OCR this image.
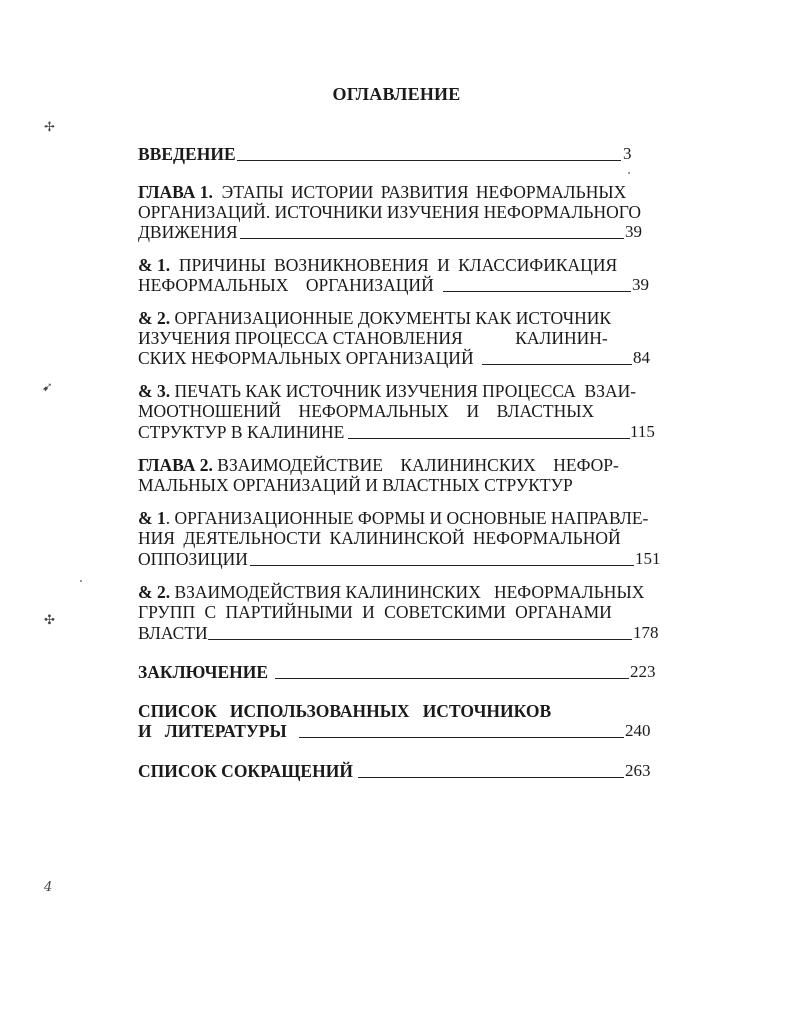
ОГЛАВЛЕНИЕ
✢
➹
✣
4
ВВЕДЕНИЕ	3
ГЛАВА 1. ЭТАПЫ ИСТОРИИ РАЗВИТИЯ НЕФОРМАЛЬНЫХ
ОРГАНИЗАЦИЙ. ИСТОЧНИКИ ИЗУЧЕНИЯ НЕФОРМАЛЬНОГО
ДВИЖЕНИЯ	39
& 1. ПРИЧИНЫ ВОЗНИКНОВЕНИЯ И КЛАССИФИКАЦИЯ
НЕФОРМАЛЬНЫХ    ОРГАНИЗАЦИЙ	39
& 2. ОРГАНИЗАЦИОННЫЕ ДОКУМЕНТЫ КАК ИСТОЧНИК
ИЗУЧЕНИЯ ПРОЦЕССА СТАНОВЛЕНИЯ            КАЛИНИН-
СКИХ НЕФОРМАЛЬНЫХ ОРГАНИЗАЦИЙ	84
& 3. ПЕЧАТЬ КАК ИСТОЧНИК ИЗУЧЕНИЯ ПРОЦЕССА  ВЗАИ-
МООТНОШЕНИЙ    НЕФОРМАЛЬНЫХ    И    ВЛАСТНЫХ
СТРУКТУР В КАЛИНИНЕ	115
ГЛАВА 2. ВЗАИМОДЕЙСТВИЕ    КАЛИНИНСКИХ    НЕФОР-
МАЛЬНЫХ ОРГАНИЗАЦИЙ И ВЛАСТНЫХ СТРУКТУР
& 1. ОРГАНИЗАЦИОННЫЕ ФОРМЫ И ОСНОВНЫЕ НАПРАВЛЕ-
НИЯ ДЕЯТЕЛЬНОСТИ КАЛИНИНСКОЙ НЕФОРМАЛЬНОЙ
ОППОЗИЦИИ	151
& 2. ВЗАИМОДЕЙСТВИЯ КАЛИНИНСКИХ   НЕФОРМАЛЬНЫХ
ГРУПП С ПАРТИЙНЫМИ И СОВЕТСКИМИ ОРГАНАМИ
ВЛАСТИ	178
ЗАКЛЮЧЕНИЕ	223
СПИСОК   ИСПОЛЬЗОВАННЫХ   ИСТОЧНИКОВ
И   ЛИТЕРАТУРЫ	240
СПИСОК СОКРАЩЕНИЙ	263
